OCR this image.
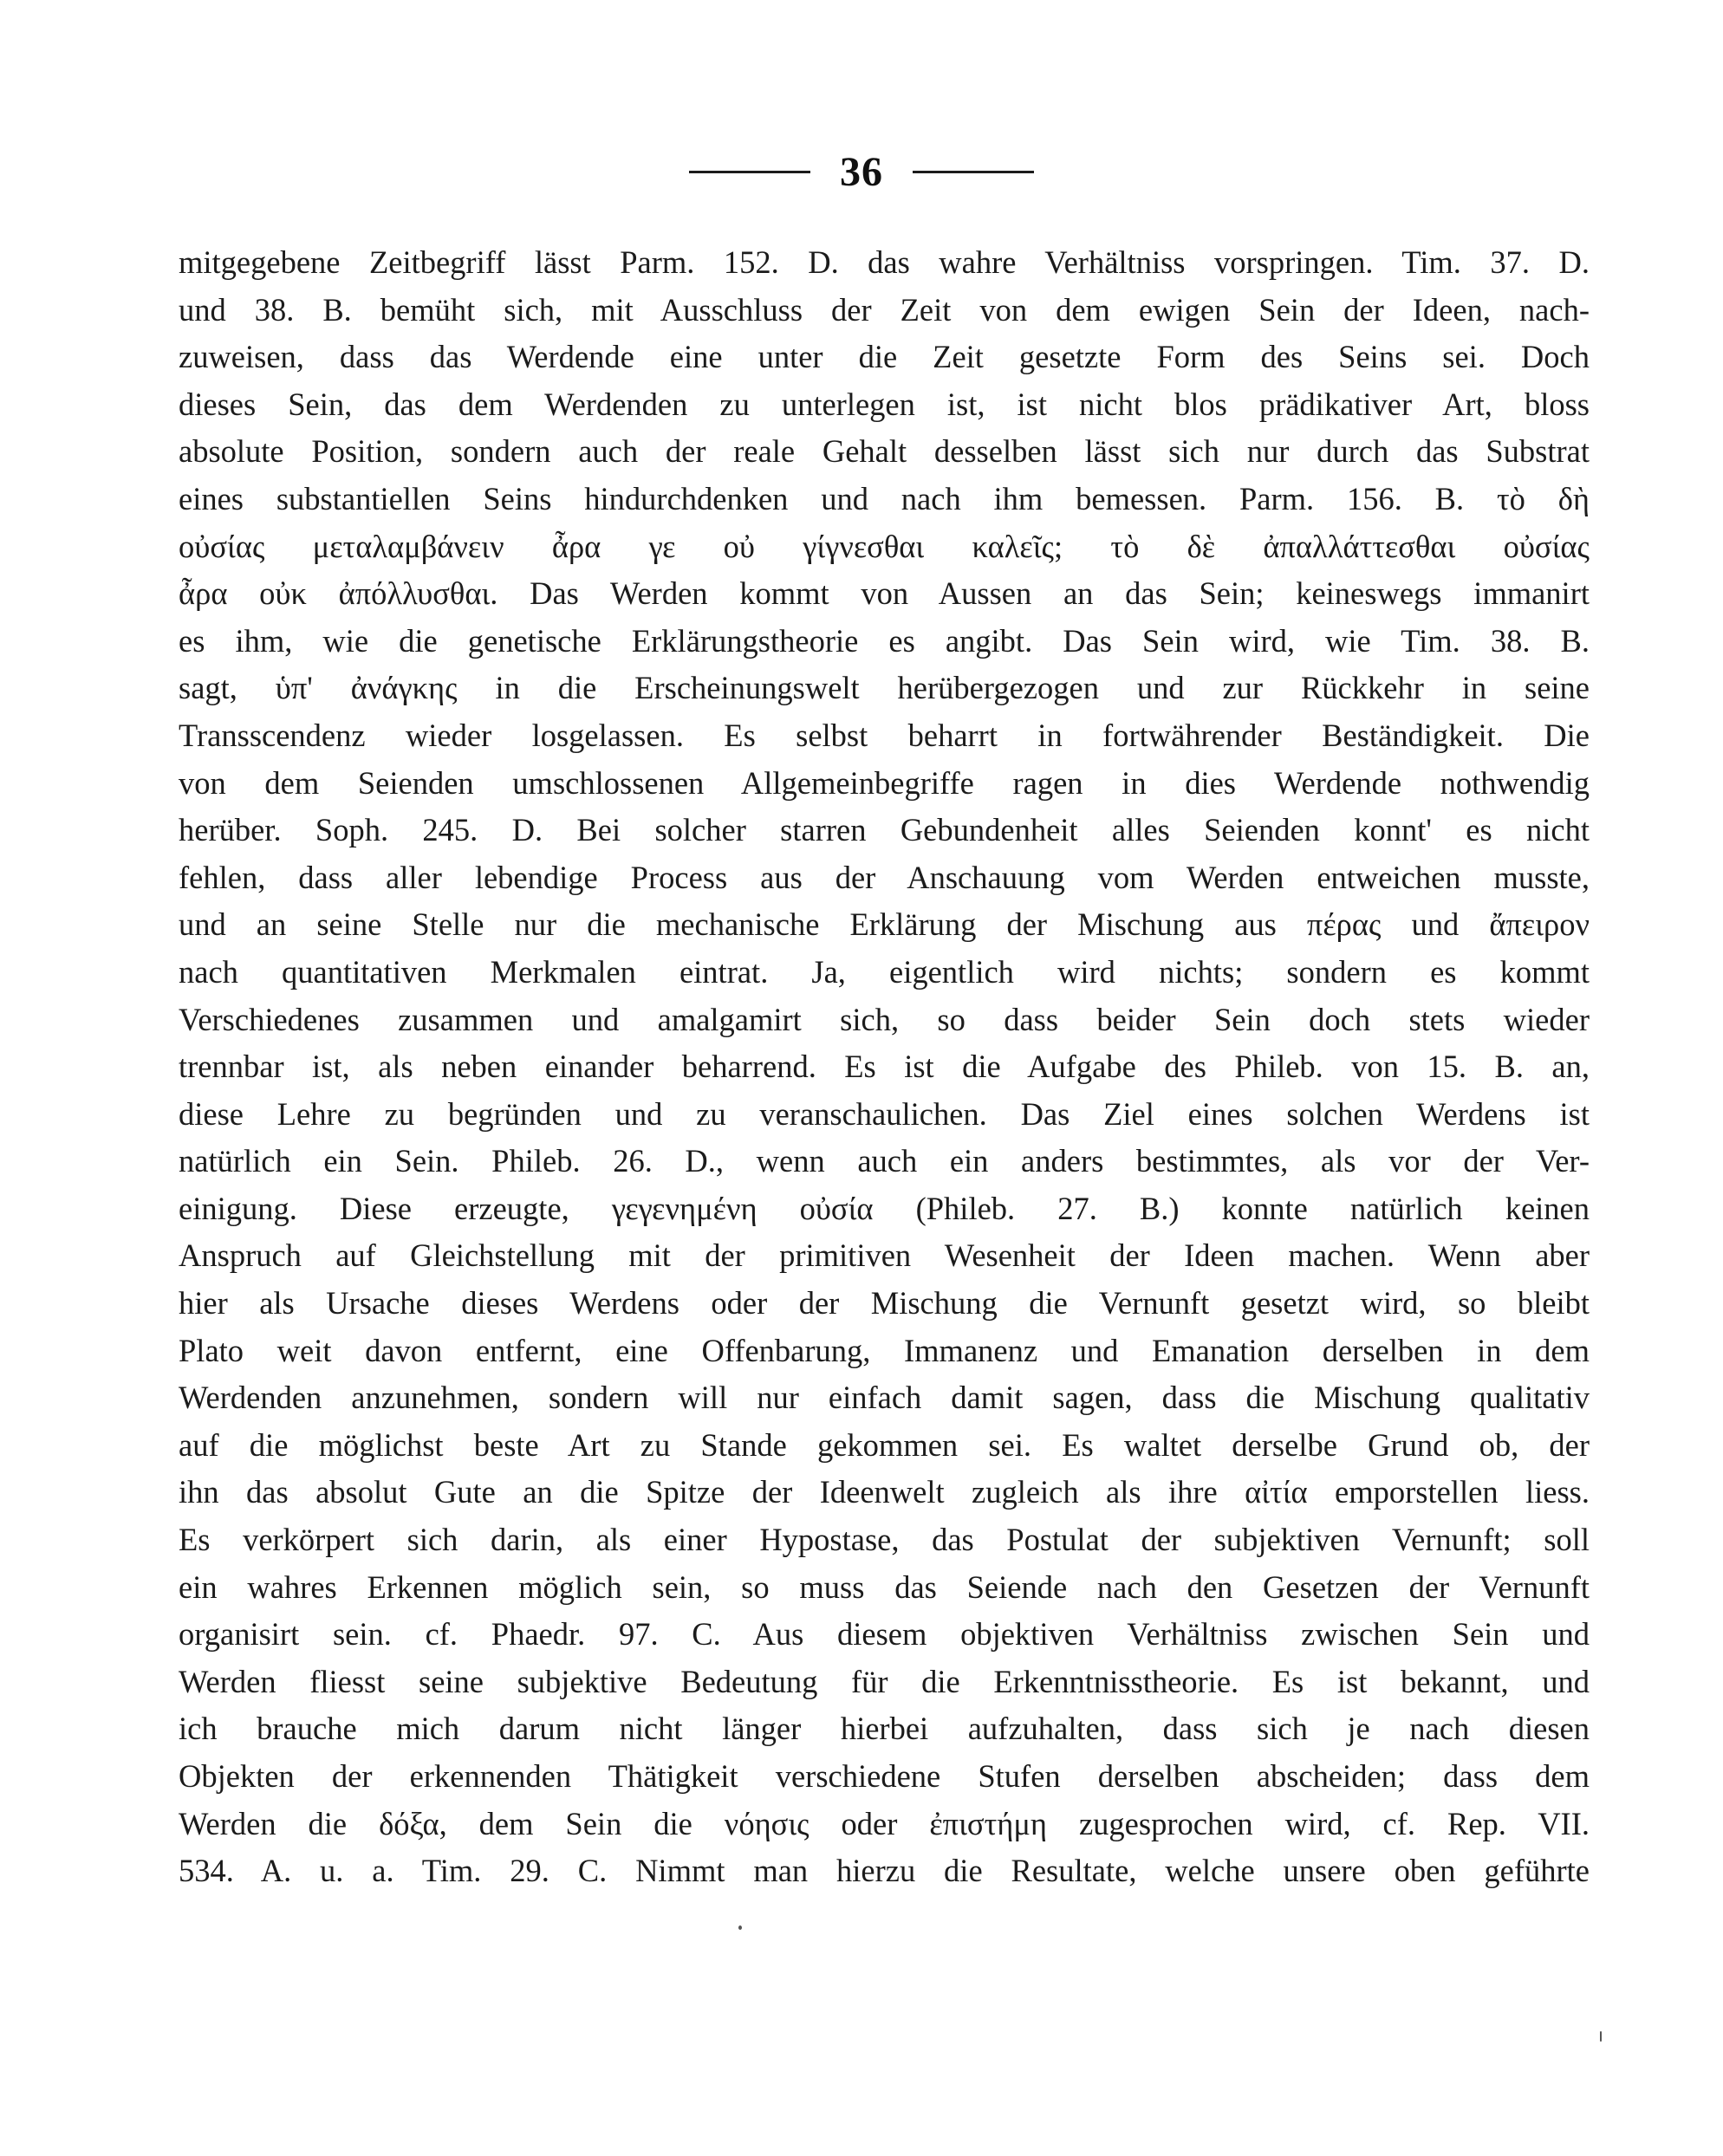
36
mitgegebene Zeitbegriff lässt Parm. 152. D. das wahre Verhältniss vorspringen. Tim. 37. D.
und 38. B. bemüht sich, mit Ausschluss der Zeit von dem ewigen Sein der Ideen, nach-
zuweisen, dass das Werdende eine unter die Zeit gesetzte Form des Seins sei. Doch
dieses Sein, das dem Werdenden zu unterlegen ist, ist nicht blos prädikativer Art, bloss
absolute Position, sondern auch der reale Gehalt desselben lässt sich nur durch das Substrat
eines substantiellen Seins hindurchdenken und nach ihm bemessen. Parm. 156. B. τὸ δὴ
οὐσίας μεταλαμβάνειν ἆρα γε οὐ γίγνεσθαι καλεῖς; τὸ δὲ ἀπαλλάττεσθαι οὐσίας
ἆρα οὐκ ἀπόλλυσθαι. Das Werden kommt von Aussen an das Sein; keineswegs immanirt
es ihm, wie die genetische Erklärungstheorie es angibt. Das Sein wird, wie Tim. 38. B.
sagt, ὑπ' ἀνάγκης in die Erscheinungswelt herübergezogen und zur Rückkehr in seine
Transscendenz wieder losgelassen. Es selbst beharrt in fortwährender Beständigkeit. Die
von dem Seienden umschlossenen Allgemeinbegriffe ragen in dies Werdende nothwendig
herüber. Soph. 245. D. Bei solcher starren Gebundenheit alles Seienden konnt' es nicht
fehlen, dass aller lebendige Process aus der Anschauung vom Werden entweichen musste,
und an seine Stelle nur die mechanische Erklärung der Mischung aus πέρας und ἄπειρον
nach quantitativen Merkmalen eintrat. Ja, eigentlich wird nichts; sondern es kommt
Verschiedenes zusammen und amalgamirt sich, so dass beider Sein doch stets wieder
trennbar ist, als neben einander beharrend. Es ist die Aufgabe des Phileb. von 15. B. an,
diese Lehre zu begründen und zu veranschaulichen. Das Ziel eines solchen Werdens ist
natürlich ein Sein. Phileb. 26. D., wenn auch ein anders bestimmtes, als vor der Ver-
einigung. Diese erzeugte, γεγενημένη οὐσία (Phileb. 27. B.) konnte natürlich keinen
Anspruch auf Gleichstellung mit der primitiven Wesenheit der Ideen machen. Wenn aber
hier als Ursache dieses Werdens oder der Mischung die Vernunft gesetzt wird, so bleibt
Plato weit davon entfernt, eine Offenbarung, Immanenz und Emanation derselben in dem
Werdenden anzunehmen, sondern will nur einfach damit sagen, dass die Mischung qualitativ
auf die möglichst beste Art zu Stande gekommen sei. Es waltet derselbe Grund ob, der
ihn das absolut Gute an die Spitze der Ideenwelt zugleich als ihre αἰτία emporstellen liess.
Es verkörpert sich darin, als einer Hypostase, das Postulat der subjektiven Vernunft; soll
ein wahres Erkennen möglich sein, so muss das Seiende nach den Gesetzen der Vernunft
organisirt sein. cf. Phaedr. 97. C. Aus diesem objektiven Verhältniss zwischen Sein und
Werden fliesst seine subjektive Bedeutung für die Erkenntnisstheorie. Es ist bekannt, und
ich brauche mich darum nicht länger hierbei aufzuhalten, dass sich je nach diesen
Objekten der erkennenden Thätigkeit verschiedene Stufen derselben abscheiden; dass dem
Werden die δόξα, dem Sein die νόησις oder ἐπιστήμη zugesprochen wird, cf. Rep. VII.
534. A. u. a. Tim. 29. C. Nimmt man hierzu die Resultate, welche unsere oben geführte
